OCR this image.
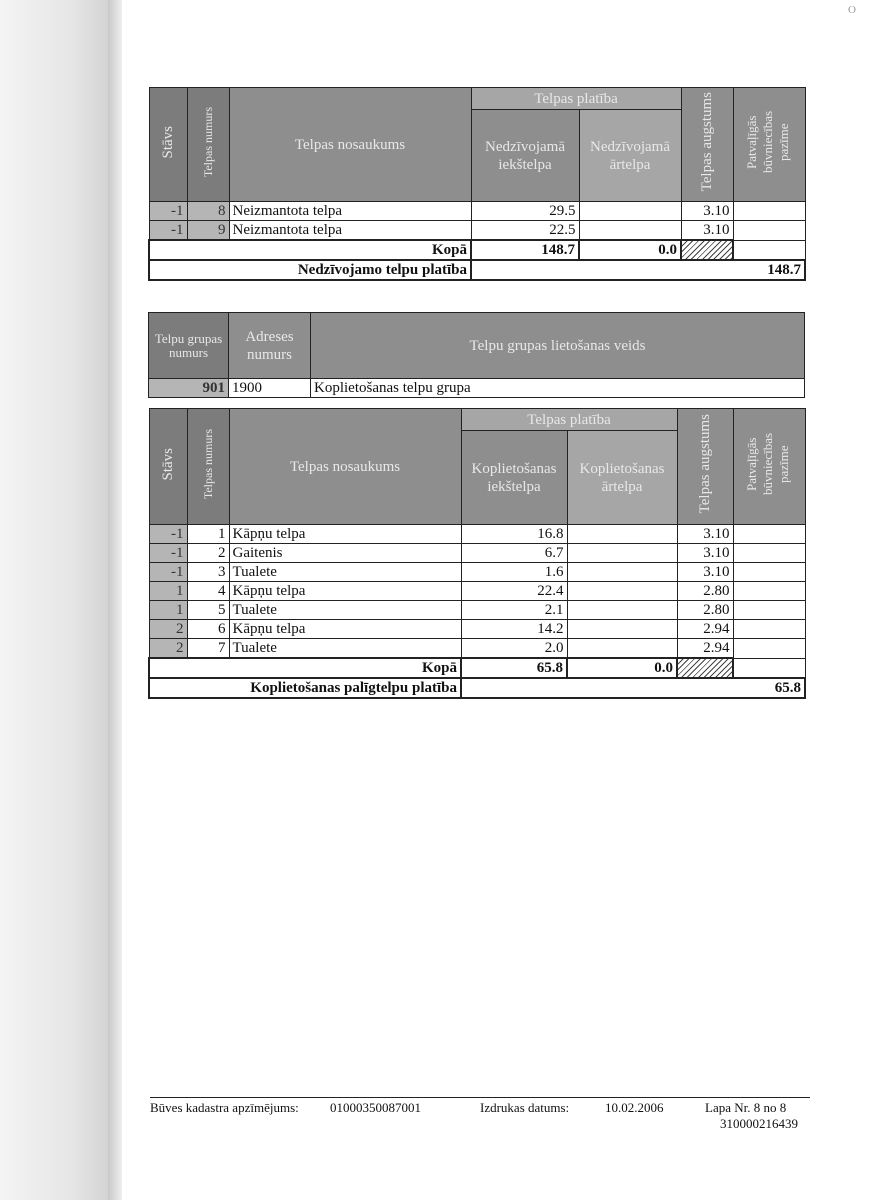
O
Stāvs	Telpas numurs	Telpas nosaukums	Telpas platība		Telpas augstums	Patvaļīgās būvniecības pazīme
			Nedzīvojamā iekštelpa	Nedzīvojamā ārtelpa		
-1	8	Neizmantota telpa	29.5		3.10	
-1	9	Neizmantota telpa	22.5		3.10	
Kopā			148.7	0.0		
Nedzīvojamo telpu platība			148.7			
Telpu grupas numurs	Adreses numurs	Telpu grupas lietošanas veids
901	1900	Koplietošanas telpu grupa
Stāvs	Telpas numurs	Telpas nosaukums	Telpas platība		Telpas augstums	Patvaļīgās būvniecības pazīme
			Koplietošanas iekštelpa	Koplietošanas ārtelpa		
-1	1	Kāpņu telpa	16.8		3.10	
-1	2	Gaitenis	6.7		3.10	
-1	3	Tualete	1.6		3.10	
1	4	Kāpņu telpa	22.4		2.80	
1	5	Tualete	2.1		2.80	
2	6	Kāpņu telpa	14.2		2.94	
2	7	Tualete	2.0		2.94	
Kopā			65.8	0.0		
Koplietošanas palīgtelpu platība			65.8			
Būves kadastra apzīmējums: 01000350087001	Izdrukas datums:	10.02.2006	Lapa Nr. 8 no 8
310000216439
